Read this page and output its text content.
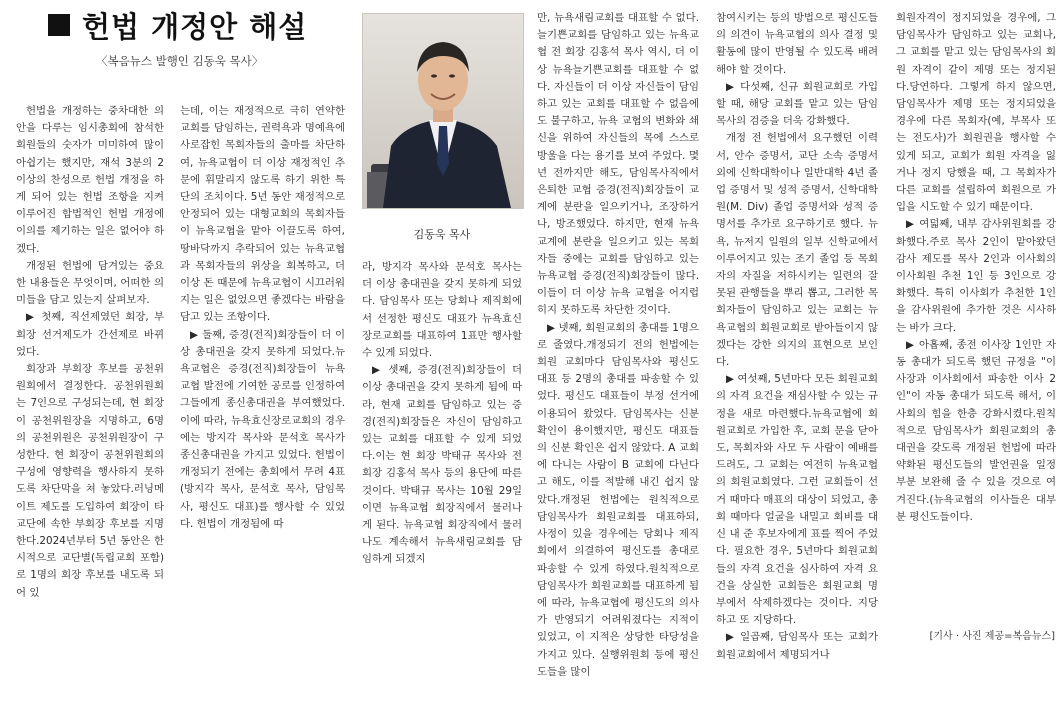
헌법 개정안 해설
〈복음뉴스 발행인 김동욱 목사〉
김동욱 목사

헌법을 개정하는 중차대한 의안을 다루는 임시총회에 참석한 회원들의 숫자가 미미하여 많이 아쉽기는 했지만, 재석 3분의 2 이상의 찬성으로 헌법 개정을 하게 되어 있는 헌법 조항을 지켜 이루어진 합법적인 헌법 개정에 이의를 제기하는 일은 없어야 하겠다.

개정된 헌법에 담겨있는 중요한 내용들은 무엇이며, 어떠한 의미들을 담고 있는지 살펴보자.

▶ 첫째, 직선제였던 회장, 부회장 선거제도가 간선제로 바뀌었다.

회장과 부회장 후보를 공천위원회에서 결정한다. 공천위원회는 7인으로 구성되는데, 현 회장이 공천위원장을 지명하고, 6명의 공천위원은 공천위원장이 구성한다. 현 회장이 공천위원회의 구성에 영향력을 행사하지 못하도록 차단막을 쳐 놓았다.러닝메이트 제도를 도입하여 회장이 타 교단에 속한 부회장 후보를 지명한다.2024년부터 5년 동안은 한시적으로 교단별(독립교회 포함)로 1명의 회장 후보를 내도록 되어 있

는데, 이는 재정적으로 극히 연약한 교회를 담임하는, 권력욕과 명예욕에 사로잡힌 목회자들의 출마를 차단하여, 뉴욕교협이 더 이상 재정적인 추문에 휘말리지 않도록 하기 위한 특단의 조치이다. 5년 동안 재정적으로 안정되어 있는 대형교회의 목회자들이 뉴욕교협을 맡아 이끌도록 하여, 땅바닥까지 추락되어 있는 뉴욕교협과 목회자들의 위상을 회복하고, 더 이상 돈 때문에 뉴욕교협이 시끄러워지는 일은 없었으면 좋겠다는 바람을 담고 있는 조항이다.

▶ 둘째, 증경(전직)회장들이 더 이상 총대권을 갖지 못하게 되었다.뉴욕교협은 증경(전직)회장들이 뉴욕교협 발전에 기여한 공로를 인정하여 그들에게 종신총대권을 부여했었다. 이에 따라, 뉴욕효신장로교회의 경우에는 방지각 목사와 문석호 목사가 종신총대권을 가지고 있었다. 헌법이 개정되기 전에는 총회에서 무려 4표(방지각 목사, 문석호 목사, 담임목사, 평신도 대표)를 행사할 수 있었다. 헌법이 개정됨에 따

라, 방지각 목사와 문석호 목사는 더 이상 총대권을 갖지 못하게 되었다. 담임목사 또는 당회나 제직회에서 선정한 평신도 대표가 뉴욕효신장로교회를 대표하여 1표만 행사할 수 있게 되었다.

▶ 셋째, 증경(전직)회장들이 더 이상 총대권을 갖지 못하게 됨에 따라, 현재 교회를 담임하고 있는 증경(전직)회장들은 자신이 담임하고 있는 교회를 대표할 수 있게 되었다.이는 현 회장 박태규 목사와 전 회장 김홍석 목사 등의 용단에 따른 것이다. 박태규 목사는 10월 29일이면 뉴욕교협 회장직에서 물러나게 된다. 뉴욕교협 회장직에서 물러나도 계속해서 뉴욕새림교회를 담임하게 되겠지

만, 뉴욕새림교회를 대표할 수 없다. 늘기쁜교회를 담임하고 있는 뉴욕교협 전 회장 김홍석 목사 역시, 더 이상 뉴욕늘기쁜교회를 대표할 수 없다. 자신들이 더 이상 자신들이 담임하고 있는 교회를 대표할 수 없음에도 불구하고, 뉴욕 교협의 변화와 쇄신을 위하여 자신들의 목에 스스로 방울을 다는 용기를 보여 주었다. 몇 년 전까지만 해도, 담임목사직에서 은퇴한 교협 증경(전직)회장들이 교계에 분란을 일으키거나, 조장하거나, 방조했었다. 하지만, 현재 뉴욕 교계에 분란을 일으키고 있는 목회자들 중에는 교회를 담임하고 있는 뉴욕교협 증경(전직)회장들이 많다. 이들이 더 이상 뉴욕 교협을 어지럽히지 못하도록 차단한 것이다.

▶ 넷째, 회원교회의 총대를 1명으로 줄였다.개정되기 전의 헌법에는 회원 교회마다 담임목사와 평신도 대표 등 2명의 총대를 파송할 수 있었다. 평신도 대표들이 부정 선거에 이용되어 왔었다. 담임목사는 신분 확인이 용이했지만, 평신도 대표들의 신분 확인은 쉽지 않았다. A 교회에 다니는 사람이 B 교회에 다닌다고 해도, 이를 적발해 내긴 쉽지 않았다.개정된 헌법에는 원칙적으로 담임목사가 회원교회를 대표하되, 사정이 있을 경우에는 당회나 제직회에서 의결하여 평신도를 총대로 파송할 수 있게 하였다.원칙적으로 담임목사가 회원교회를 대표하게 됨에 따라, 뉴욕교협에 평신도의 의사가 반영되기 어려워졌다는 지적이 있었고, 이 지적은 상당한 타당성을 가지고 있다. 실행위원회 등에 평신도들을 많이

참여시키는 등의 방법으로 평신도들의 의견이 뉴욕교협의 의사 결정 및 활동에 많이 반영될 수 있도록 배려해야 할 것이다.

▶ 다섯째, 신규 회원교회로 가입할 때, 해당 교회를 맡고 있는 담임목사의 검증을 더욱 강화했다.

개정 전 헌법에서 요구했던 이력서, 안수 증명서, 교단 소속 증명서 외에 신학대학이나 일반대학 4년 졸업 증명서 및 성적 증명서, 신학대학원(M. Div) 졸업 증명서와 성적 증명서를 추가로 요구하기로 했다. 뉴욕, 뉴저지 일원의 일부 신학교에서 이루어지고 있는 조기 졸업 등 목회자의 자질을 저하시키는 일련의 잘못된 관행들을 뿌리 뽑고, 그러한 목회자들이 담임하고 있는 교회는 뉴욕교협의 회원교회로 받아들이지 않겠다는 강한 의지의 표현으로 보인다.

▶ 여섯째, 5년마다 모든 회원교회의 자격 요건을 재심사할 수 있는 규정을 새로 마련했다.뉴욕교협에 회원교회로 가입한 후, 교회 문을 닫아도, 목회자와 사모 두 사람이 예배를 드려도, 그 교회는 여전히 뉴욕교협의 회원교회였다. 그런 교회들이 선거 때마다 매표의 대상이 되었고, 총회 때마다 얼굴을 내밀고 회비를 대신 내 준 후보자에게 표를 찍어 주었다. 필요한 경우, 5년마다 회원교회들의 자격 요건을 심사하여 자격 요건을 상실한 교회들은 회원교회 명부에서 삭제하겠다는 것이다. 지당하고 또 지당하다.

▶ 일곱째, 담임목사 또는 교회가 회원교회에서 제명되거나

회원자격이 정지되었을 경우에, 그 담임목사가 담임하고 있는 교회나, 그 교회를 맡고 있는 담임목사의 회원 자격이 같이 제명 또는 정지된다.당연하다. 그렇게 하지 않으면, 담임목사가 제명 또는 정지되었을 경우에 다른 목회자(예, 부목사 또는 전도사)가 회원권을 행사할 수 있게 되고, 교회가 회원 자격을 잃거나 정지 당했을 때, 그 목회자가 다른 교회를 설립하여 회원으로 가입을 시도할 수 있기 때문이다.

▶ 여덟째, 내부 감사위원회를 강화했다.주로 목사 2인이 맡아왔던 감사 제도를 목사 2인과 이사회의 이사회원 추천 1인 등 3인으로 강화했다. 특히 이사회가 추천한 1인을 감사위원에 추가한 것은 시사하는 바가 크다.

▶ 아홉째, 종전 이사장 1인만 자동 총대가 되도록 했던 규정을 "이사장과 이사회에서 파송한 이사 2인"이 자동 총대가 되도록 해서, 이사회의 힘을 한층 강화시켰다.원칙적으로 담임목사가 회원교회의 총대권을 갖도록 개정된 헌법에 따라 약화된 평신도들의 발언권을 일정 부분 보완해 줄 수 있을 것으로 여겨진다.(뉴욕교협의 이사들은 대부분 평신도들이다.

[기사 · 사진 제공=복음뉴스]
